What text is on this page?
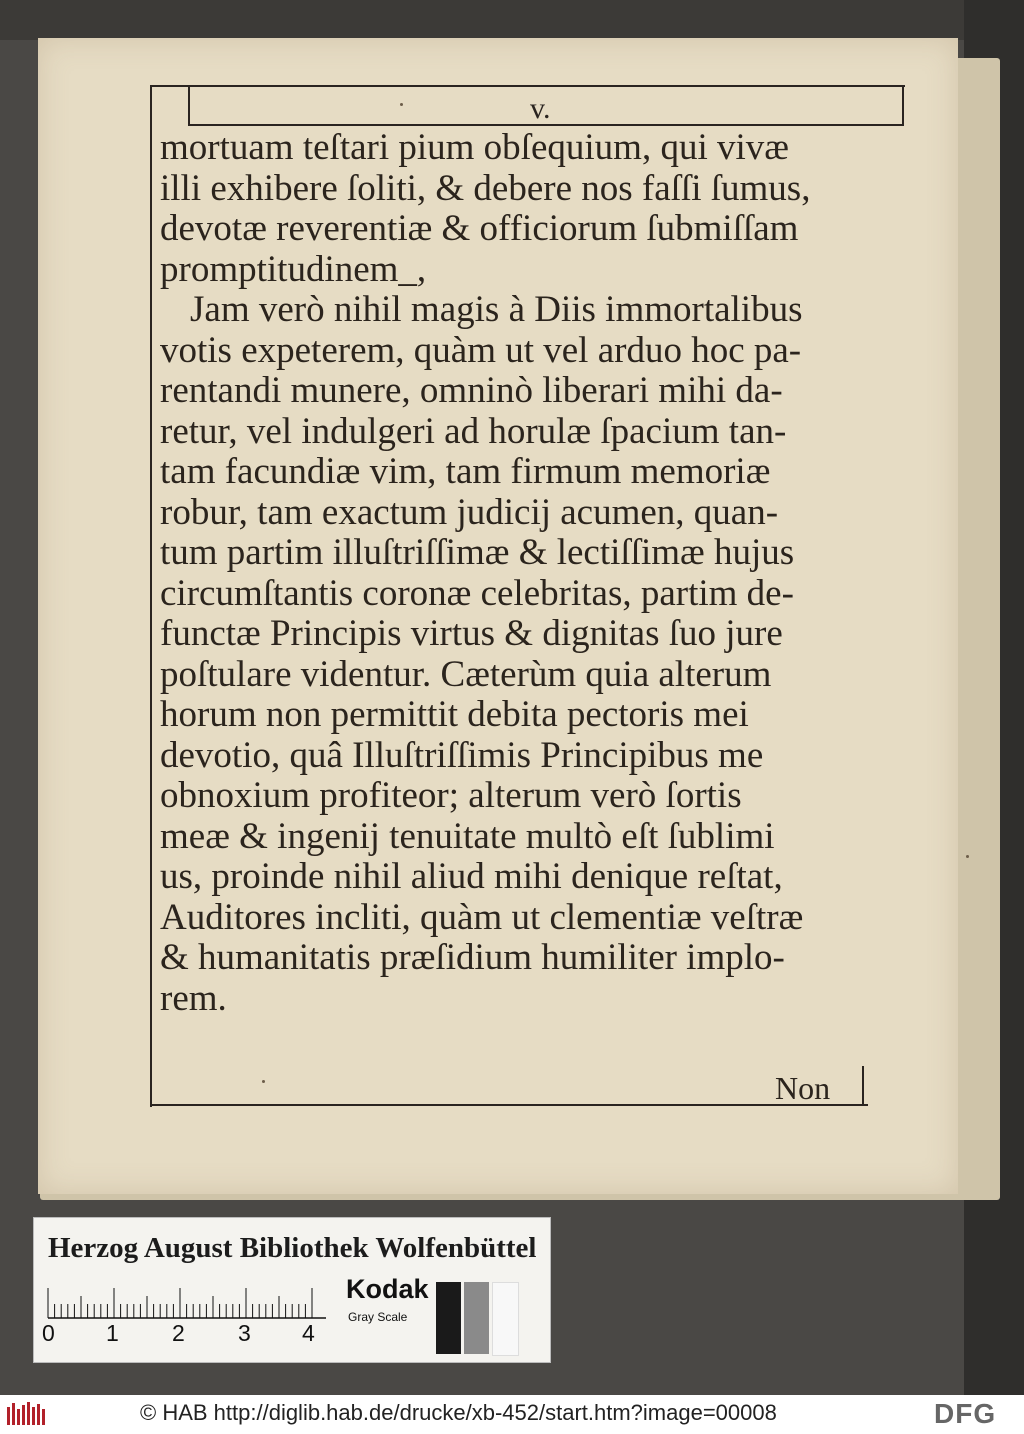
v.
mortuam teſtari pium obſequium, qui vivæ
illi exhibere ſoliti, & debere nos faſſi ſumus,
devotæ reverentiæ & officiorum ſubmiſſam
promptitudinem_,
Jam verò nihil magis à Diis immortalibus
votis expeterem, quàm ut vel arduo hoc pa-
rentandi munere, omninò liberari mihi da-
retur, vel indulgeri ad horulæ ſpacium tan-
tam facundiæ vim, tam firmum memoriæ
robur, tam exactum judicij acumen, quan-
tum partim illuſtriſſimæ & lectiſſimæ hujus
circumſtantis coronæ celebritas, partim de-
functæ Principis virtus & dignitas ſuo jure
poſtulare videntur. Cæterùm quia alterum
horum non permittit debita pectoris mei
devotio, quâ Illuſtriſſimis Principibus me
obnoxium profiteor; alterum verò ſortis
meæ & ingenij tenuitate multò eſt ſublimi
us, proinde nihil aliud mihi denique reſtat,
Auditores incliti, quàm ut clementiæ veſtræ
& humanitatis præſidium humiliter implo-
rem.
Non
Herzog August Bibliothek Wolfenbüttel
0 1 2 3 4
Kodak
Gray Scale
© HAB http://diglib.hab.de/drucke/xb-452/start.htm?image=00008	DFG
